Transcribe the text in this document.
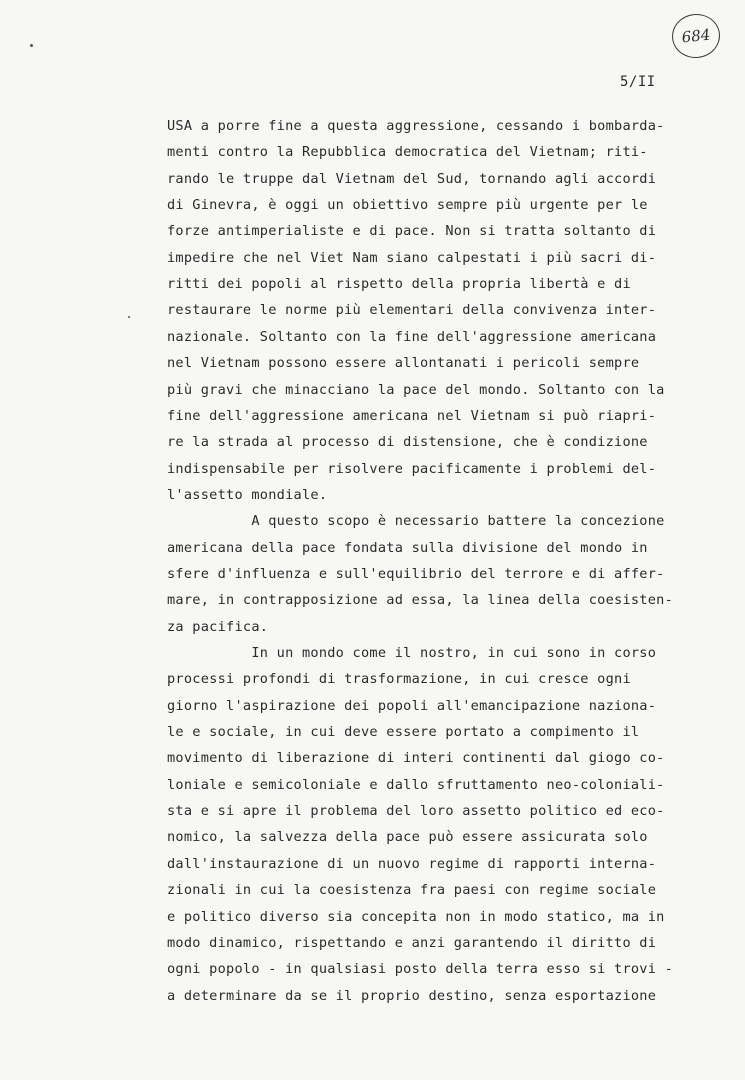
684
5/II
USA a porre fine a questa aggressione, cessando i bombarda-
menti contro la Repubblica democratica del Vietnam; riti-
rando le truppe dal Vietnam del Sud, tornando agli accordi
di Ginevra, è oggi un obiettivo sempre più urgente per le
forze antimperialiste e di pace. Non si tratta soltanto di
impedire che nel Viet Nam siano calpestati i più sacri di-
ritti dei popoli al rispetto della propria libertà e di
restaurare le norme più elementari della convivenza inter-
nazionale. Soltanto con la fine dell'aggressione americana
nel Vietnam possono essere allontanati i pericoli sempre
più gravi che minacciano la pace del mondo. Soltanto con la
fine dell'aggressione americana nel Vietnam si può riapri-
re la strada al processo di distensione, che è condizione
indispensabile per risolvere pacificamente i problemi del-
l'assetto mondiale.
A questo scopo è necessario battere la concezione
americana della pace fondata sulla divisione del mondo in
sfere d'influenza e sull'equilibrio del terrore e di affer-
mare, in contrapposizione ad essa, la linea della coesisten-
za pacifica.
In un mondo come il nostro, in cui sono in corso
processi profondi di trasformazione, in cui cresce ogni
giorno l'aspirazione dei popoli all'emancipazione naziona-
le e sociale, in cui deve essere portato a compimento il
movimento di liberazione di interi continenti dal giogo co-
loniale e semicoloniale e dallo sfruttamento neo-coloniali-
sta e si apre il problema del loro assetto politico ed eco-
nomico, la salvezza della pace può essere assicurata solo
dall'instaurazione di un nuovo regime di rapporti interna-
zionali in cui la coesistenza fra paesi con regime sociale
e politico diverso sia concepita non in modo statico, ma in
modo dinamico, rispettando e anzi garantendo il diritto di
ogni popolo - in qualsiasi posto della terra esso si trovi -
a determinare da se il proprio destino, senza esportazione
